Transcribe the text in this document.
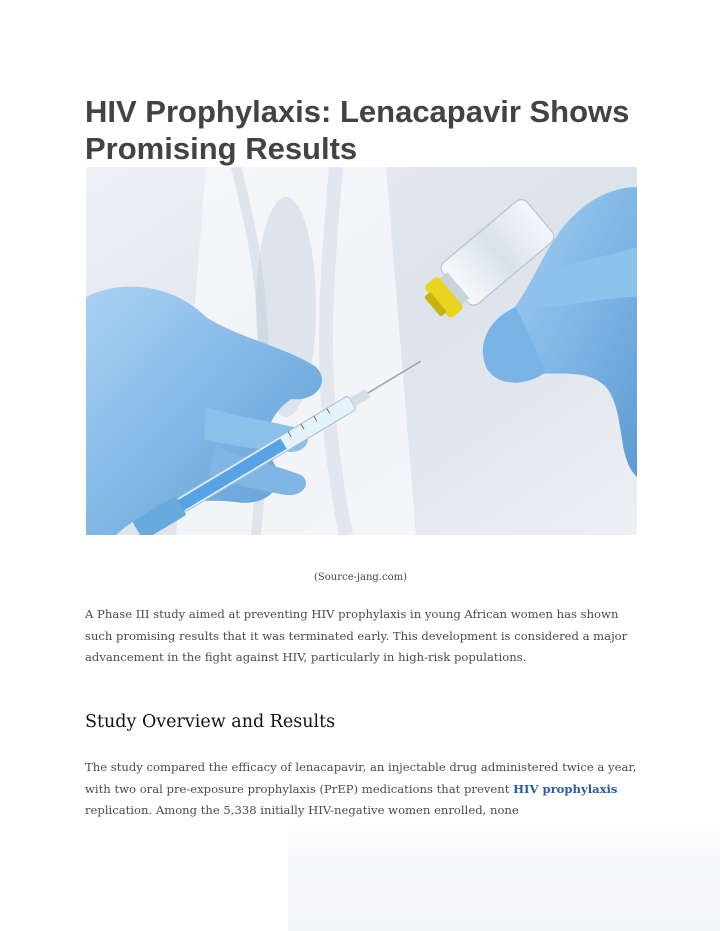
HIV Prophylaxis: Lenacapavir Shows Promising Results
(Source-jang.com)

A Phase III study aimed at preventing HIV prophylaxis in young African women has shown such promising results that it was terminated early. This development is considered a major advancement in the fight against HIV, particularly in high-risk populations.

Study Overview and Results

The study compared the efficacy of lenacapavir, an injectable drug administered twice a year, with two oral pre-exposure prophylaxis (PrEP) medications that prevent HIV prophylaxis replication. Among the 5,338 initially HIV-negative women enrolled, none
